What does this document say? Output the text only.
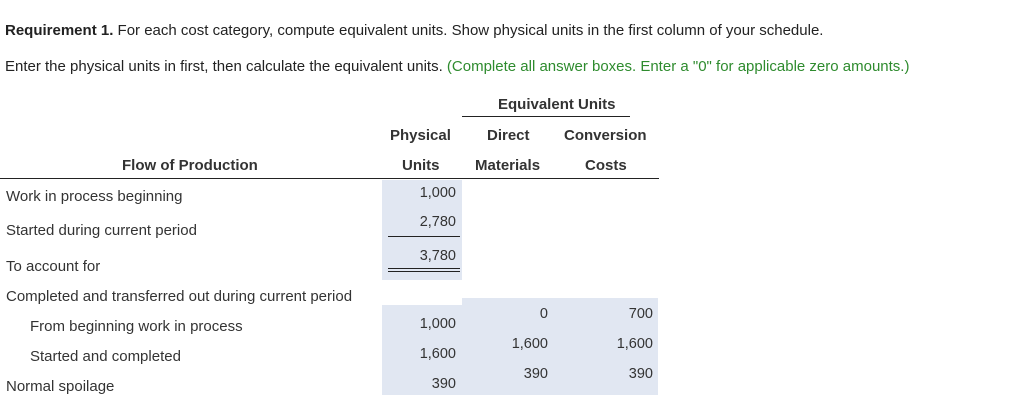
Requirement 1. For each cost category, compute equivalent units. Show physical units in the first column of your schedule.
Enter the physical units in first, then calculate the equivalent units. (Complete all answer boxes. Enter a "0" for applicable zero amounts.)
Equivalent Units
Physical
Units
Direct
Materials
Conversion
Costs
Flow of Production
Work in process beginning
Started during current period
To account for
Completed and transferred out during current period
From beginning work in process
Started and completed
Normal spoilage
1,000
2,780
3,780
1,000
1,600
390
0
1,600
390
700
1,600
390
